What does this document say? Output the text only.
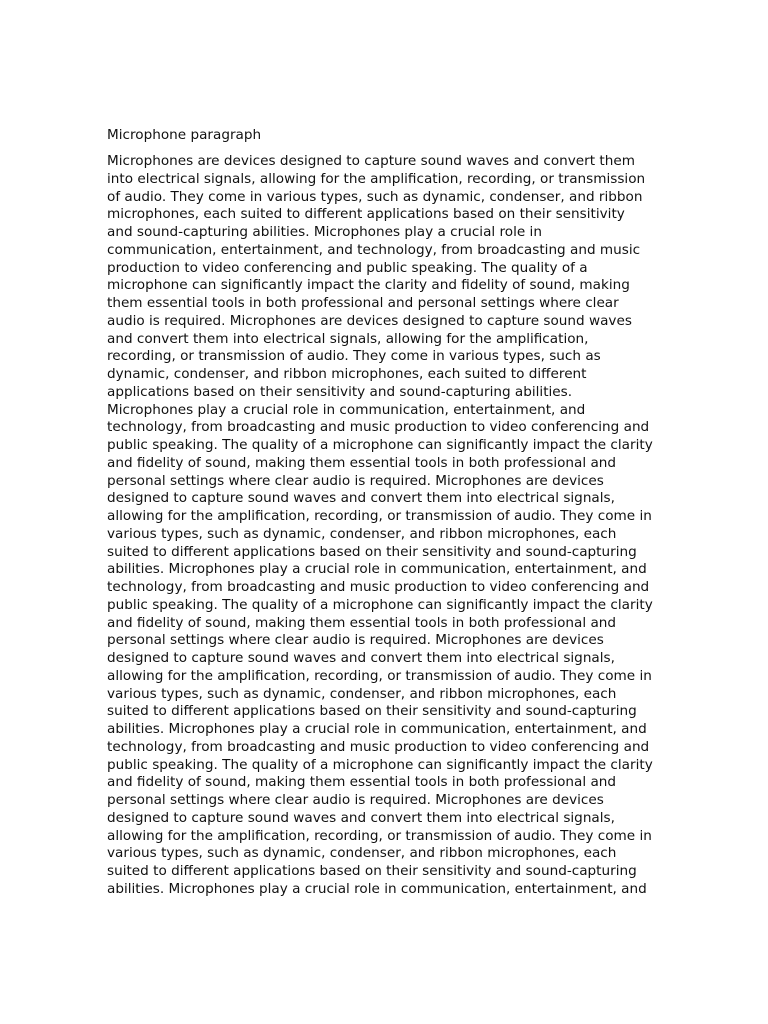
Microphone paragraph

Microphones are devices designed to capture sound waves and convert them
into electrical signals, allowing for the amplification, recording, or transmission
of audio. They come in various types, such as dynamic, condenser, and ribbon
microphones, each suited to different applications based on their sensitivity
and sound-capturing abilities. Microphones play a crucial role in
communication, entertainment, and technology, from broadcasting and music
production to video conferencing and public speaking. The quality of a
microphone can significantly impact the clarity and fidelity of sound, making
them essential tools in both professional and personal settings where clear
audio is required. Microphones are devices designed to capture sound waves
and convert them into electrical signals, allowing for the amplification,
recording, or transmission of audio. They come in various types, such as
dynamic, condenser, and ribbon microphones, each suited to different
applications based on their sensitivity and sound-capturing abilities.
Microphones play a crucial role in communication, entertainment, and
technology, from broadcasting and music production to video conferencing and
public speaking. The quality of a microphone can significantly impact the clarity
and fidelity of sound, making them essential tools in both professional and
personal settings where clear audio is required. Microphones are devices
designed to capture sound waves and convert them into electrical signals,
allowing for the amplification, recording, or transmission of audio. They come in
various types, such as dynamic, condenser, and ribbon microphones, each
suited to different applications based on their sensitivity and sound-capturing
abilities. Microphones play a crucial role in communication, entertainment, and
technology, from broadcasting and music production to video conferencing and
public speaking. The quality of a microphone can significantly impact the clarity
and fidelity of sound, making them essential tools in both professional and
personal settings where clear audio is required. Microphones are devices
designed to capture sound waves and convert them into electrical signals,
allowing for the amplification, recording, or transmission of audio. They come in
various types, such as dynamic, condenser, and ribbon microphones, each
suited to different applications based on their sensitivity and sound-capturing
abilities. Microphones play a crucial role in communication, entertainment, and
technology, from broadcasting and music production to video conferencing and
public speaking. The quality of a microphone can significantly impact the clarity
and fidelity of sound, making them essential tools in both professional and
personal settings where clear audio is required. Microphones are devices
designed to capture sound waves and convert them into electrical signals,
allowing for the amplification, recording, or transmission of audio. They come in
various types, such as dynamic, condenser, and ribbon microphones, each
suited to different applications based on their sensitivity and sound-capturing
abilities. Microphones play a crucial role in communication, entertainment, and
